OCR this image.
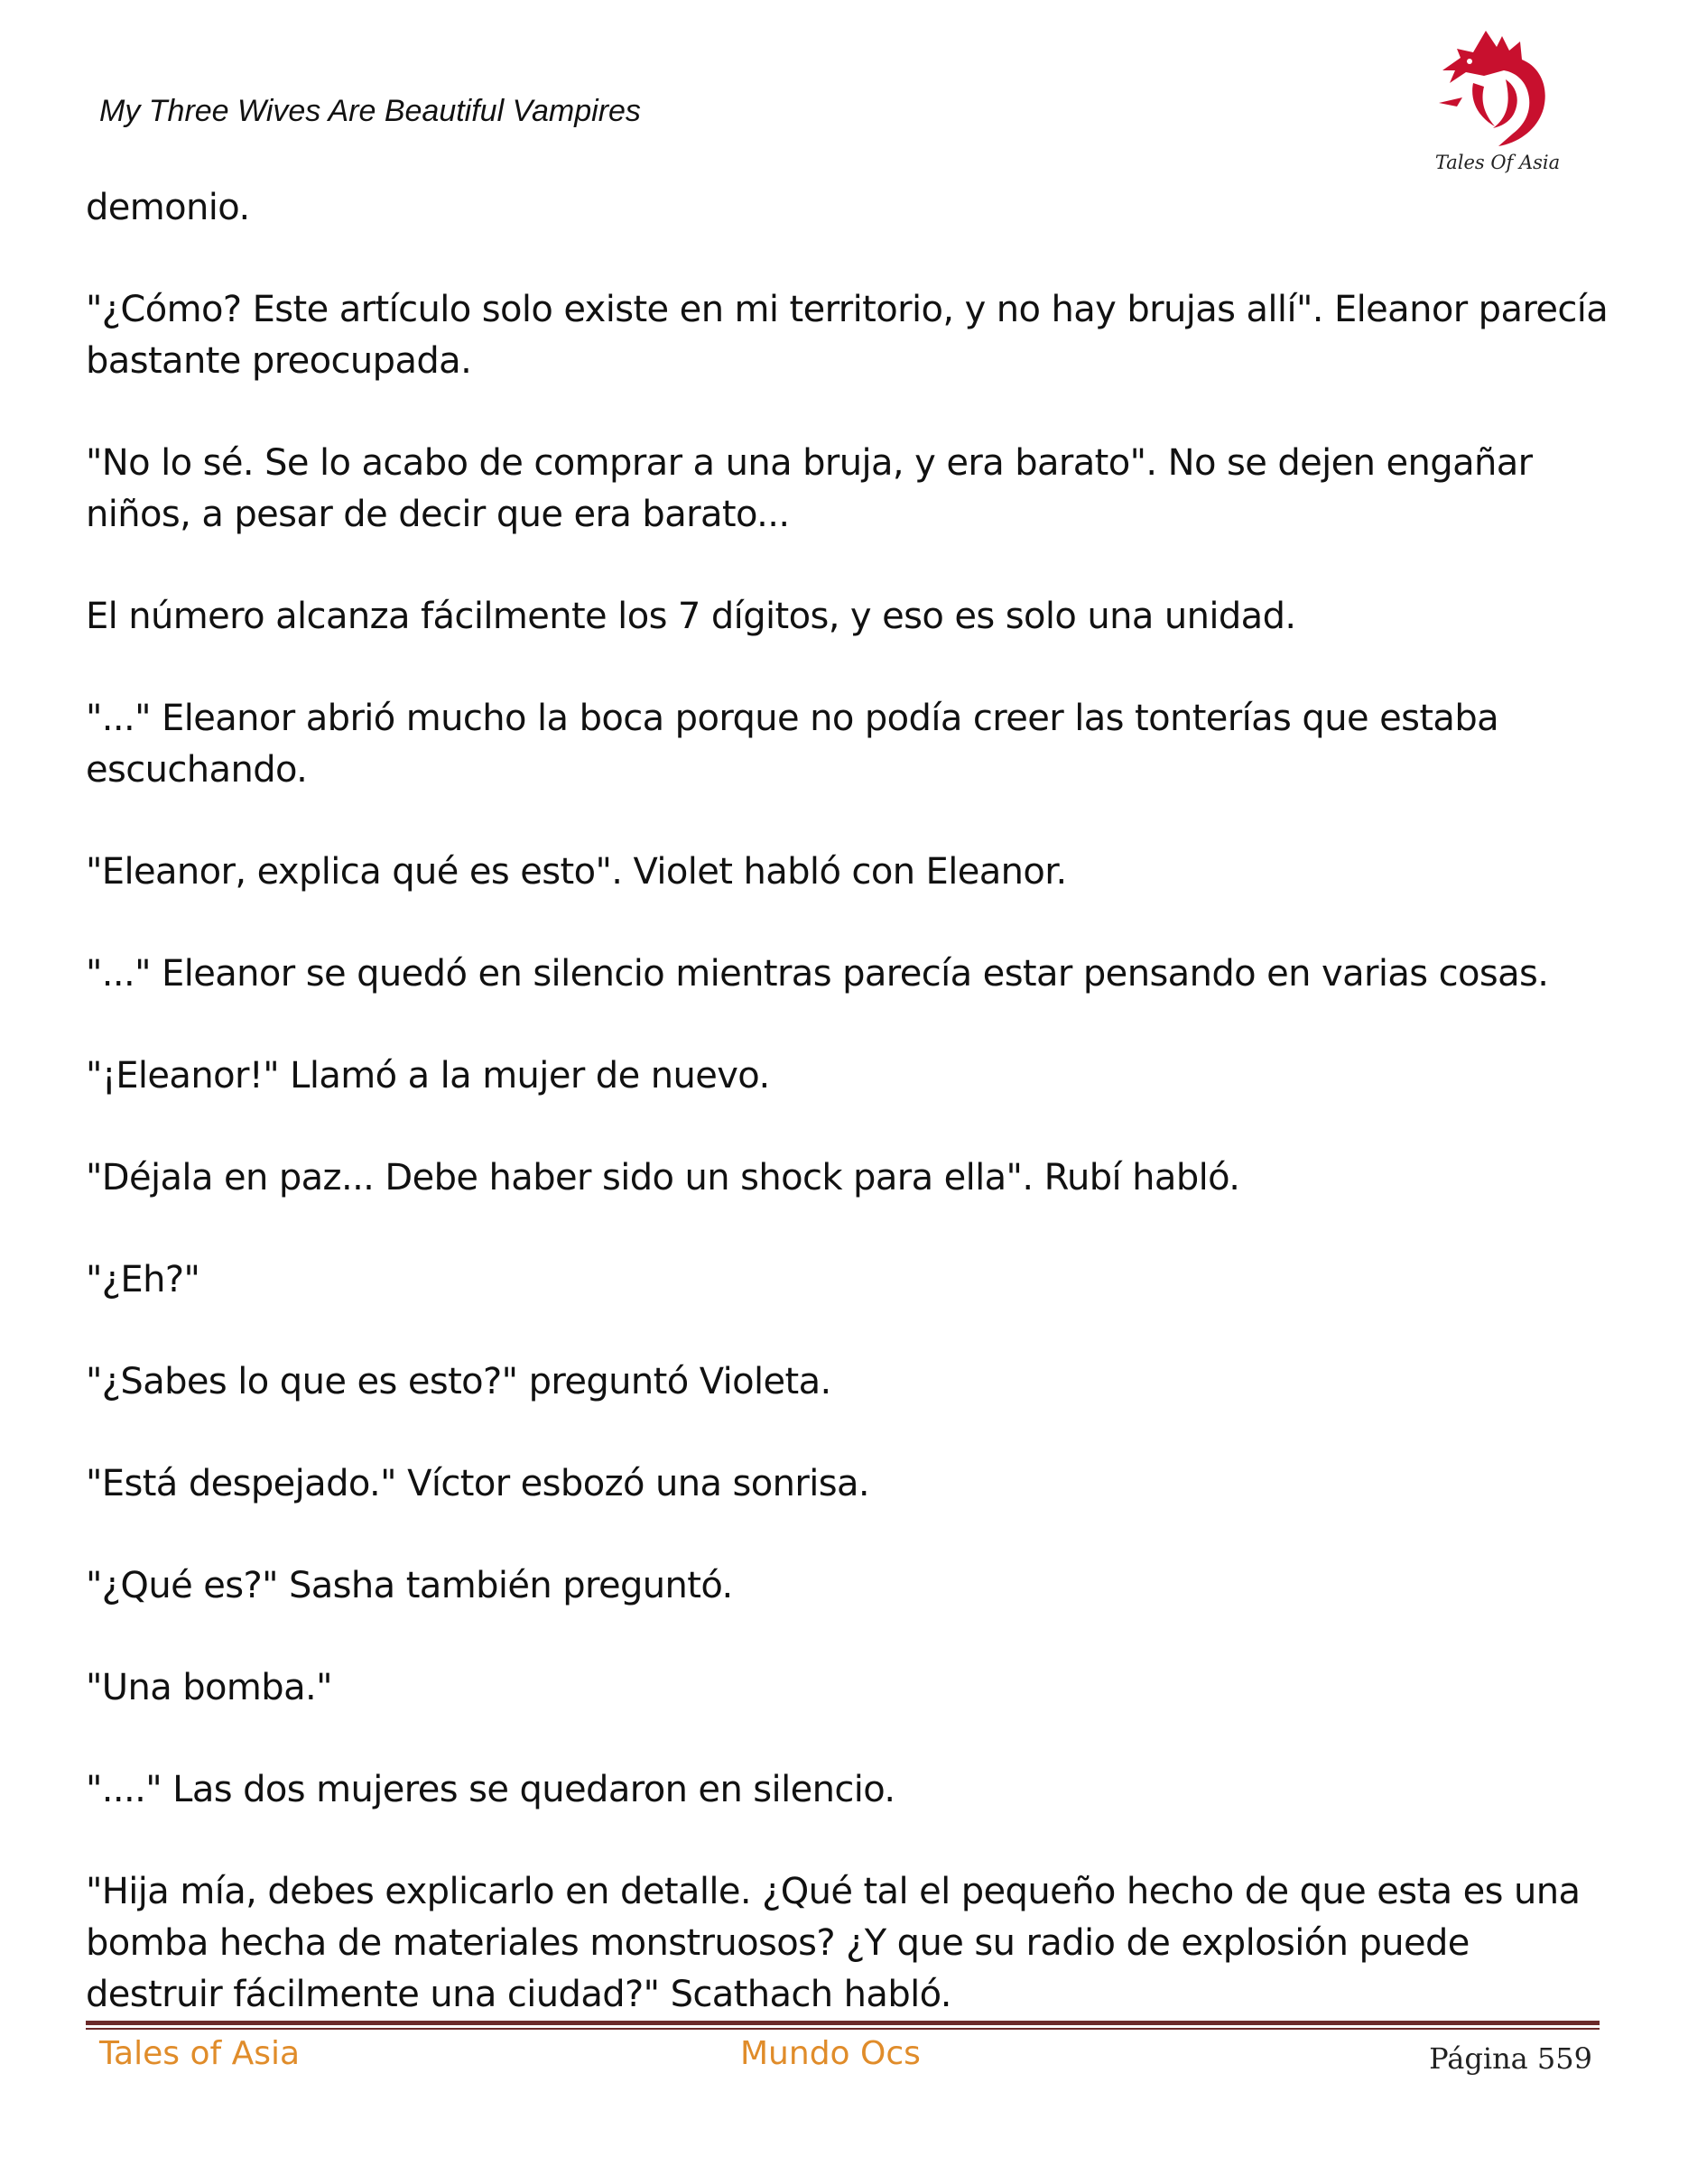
My Three Wives Are Beautiful Vampires
Tales Of Asia

demonio.

"¿Cómo? Este artículo solo existe en mi territorio, y no hay brujas allí". Eleanor parecía bastante preocupada.

"No lo sé. Se lo acabo de comprar a una bruja, y era barato". No se dejen engañar niños, a pesar de decir que era barato...

El número alcanza fácilmente los 7 dígitos, y eso es solo una unidad.

"..." Eleanor abrió mucho la boca porque no podía creer las tonterías que estaba escuchando.

"Eleanor, explica qué es esto". Violet habló con Eleanor.

"..." Eleanor se quedó en silencio mientras parecía estar pensando en varias cosas.

"¡Eleanor!" Llamó a la mujer de nuevo.

"Déjala en paz... Debe haber sido un shock para ella". Rubí habló.

"¿Eh?"

"¿Sabes lo que es esto?" preguntó Violeta.

"Está despejado." Víctor esbozó una sonrisa.

"¿Qué es?" Sasha también preguntó.

"Una bomba."

"...." Las dos mujeres se quedaron en silencio.

"Hija mía, debes explicarlo en detalle. ¿Qué tal el pequeño hecho de que esta es una bomba hecha de materiales monstruosos? ¿Y que su radio de explosión puede destruir fácilmente una ciudad?" Scathach habló.

Tales of Asia	Mundo Ocs	Página 559
